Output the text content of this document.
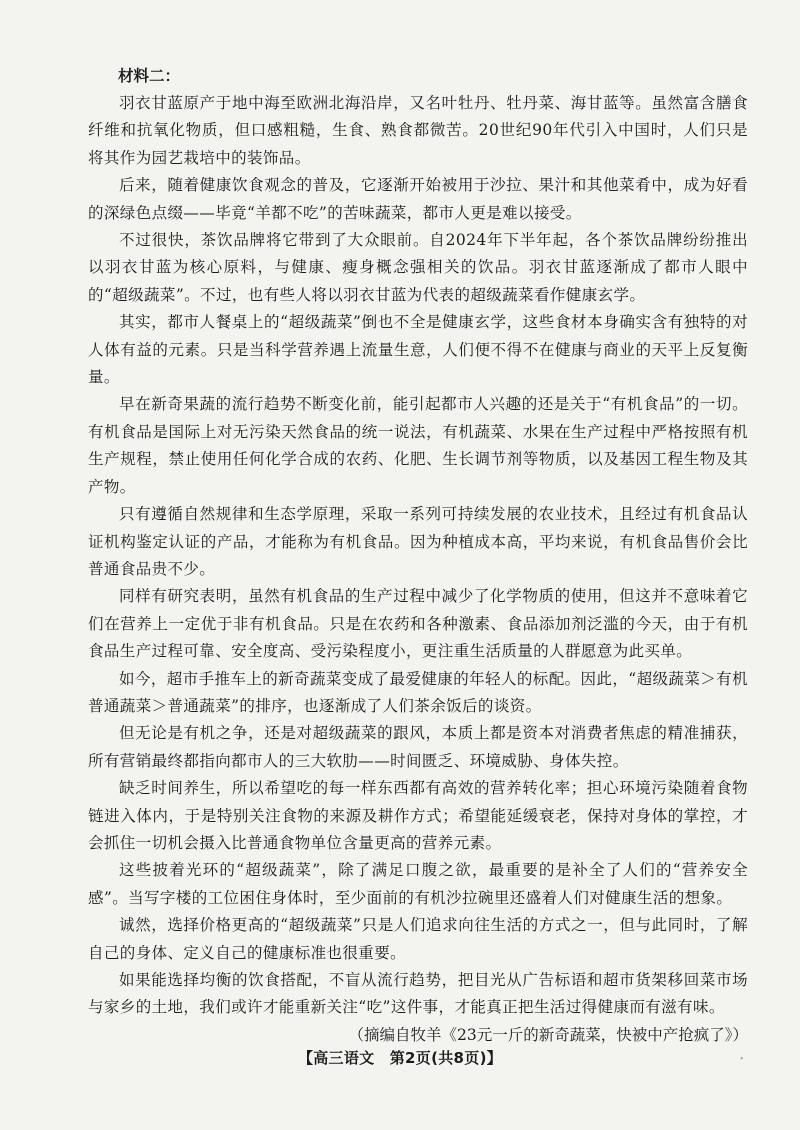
材料二：

羽衣甘蓝原产于地中海至欧洲北海沿岸，又名叶牡丹、牡丹菜、海甘蓝等。虽然富含膳食纤维和抗氧化物质，但口感粗糙，生食、熟食都微苦。20世纪90年代引入中国时，人们只是将其作为园艺栽培中的装饰品。

后来，随着健康饮食观念的普及，它逐渐开始被用于沙拉、果汁和其他菜肴中，成为好看的深绿色点缀——毕竟“羊都不吃”的苦味蔬菜，都市人更是难以接受。

不过很快，茶饮品牌将它带到了大众眼前。自2024年下半年起，各个茶饮品牌纷纷推出以羽衣甘蓝为核心原料，与健康、瘦身概念强相关的饮品。羽衣甘蓝逐渐成了都市人眼中的“超级蔬菜”。不过，也有些人将以羽衣甘蓝为代表的超级蔬菜看作健康玄学。

其实，都市人餐桌上的“超级蔬菜”倒也不全是健康玄学，这些食材本身确实含有独特的对人体有益的元素。只是当科学营养遇上流量生意，人们便不得不在健康与商业的天平上反复衡量。

早在新奇果蔬的流行趋势不断变化前，能引起都市人兴趣的还是关于“有机食品”的一切。有机食品是国际上对无污染天然食品的统一说法，有机蔬菜、水果在生产过程中严格按照有机生产规程，禁止使用任何化学合成的农药、化肥、生长调节剂等物质，以及基因工程生物及其产物。

只有遵循自然规律和生态学原理，采取一系列可持续发展的农业技术，且经过有机食品认证机构鉴定认证的产品，才能称为有机食品。因为种植成本高，平均来说，有机食品售价会比普通食品贵不少。

同样有研究表明，虽然有机食品的生产过程中减少了化学物质的使用，但这并不意味着它们在营养上一定优于非有机食品。只是在农药和各种激素、食品添加剂泛滥的今天，由于有机食品生产过程可靠、安全度高、受污染程度小，更注重生活质量的人群愿意为此买单。

如今，超市手推车上的新奇蔬菜变成了最爱健康的年轻人的标配。因此，“超级蔬菜＞有机普通蔬菜＞普通蔬菜”的排序，也逐渐成了人们茶余饭后的谈资。

但无论是有机之争，还是对超级蔬菜的跟风，本质上都是资本对消费者焦虑的精准捕获，所有营销最终都指向都市人的三大软肋——时间匮乏、环境威胁、身体失控。

缺乏时间养生，所以希望吃的每一样东西都有高效的营养转化率；担心环境污染随着食物链进入体内，于是特别关注食物的来源及耕作方式；希望能延缓衰老，保持对身体的掌控，才会抓住一切机会摄入比普通食物单位含量更高的营养元素。

这些披着光环的“超级蔬菜”，除了满足口腹之欲，最重要的是补全了人们的“营养安全感”。当写字楼的工位困住身体时，至少面前的有机沙拉碗里还盛着人们对健康生活的想象。

诚然，选择价格更高的“超级蔬菜”只是人们追求向往生活的方式之一，但与此同时，了解自己的身体、定义自己的健康标准也很重要。

如果能选择均衡的饮食搭配，不盲从流行趋势，把目光从广告标语和超市货架移回菜市场与家乡的土地，我们或许才能重新关注“吃”这件事，才能真正把生活过得健康而有滋有味。

（摘编自牧羊《23元一斤的新奇蔬菜，快被中产抢疯了》）

【高三语文　第2页(共8页)】	ﾞ
